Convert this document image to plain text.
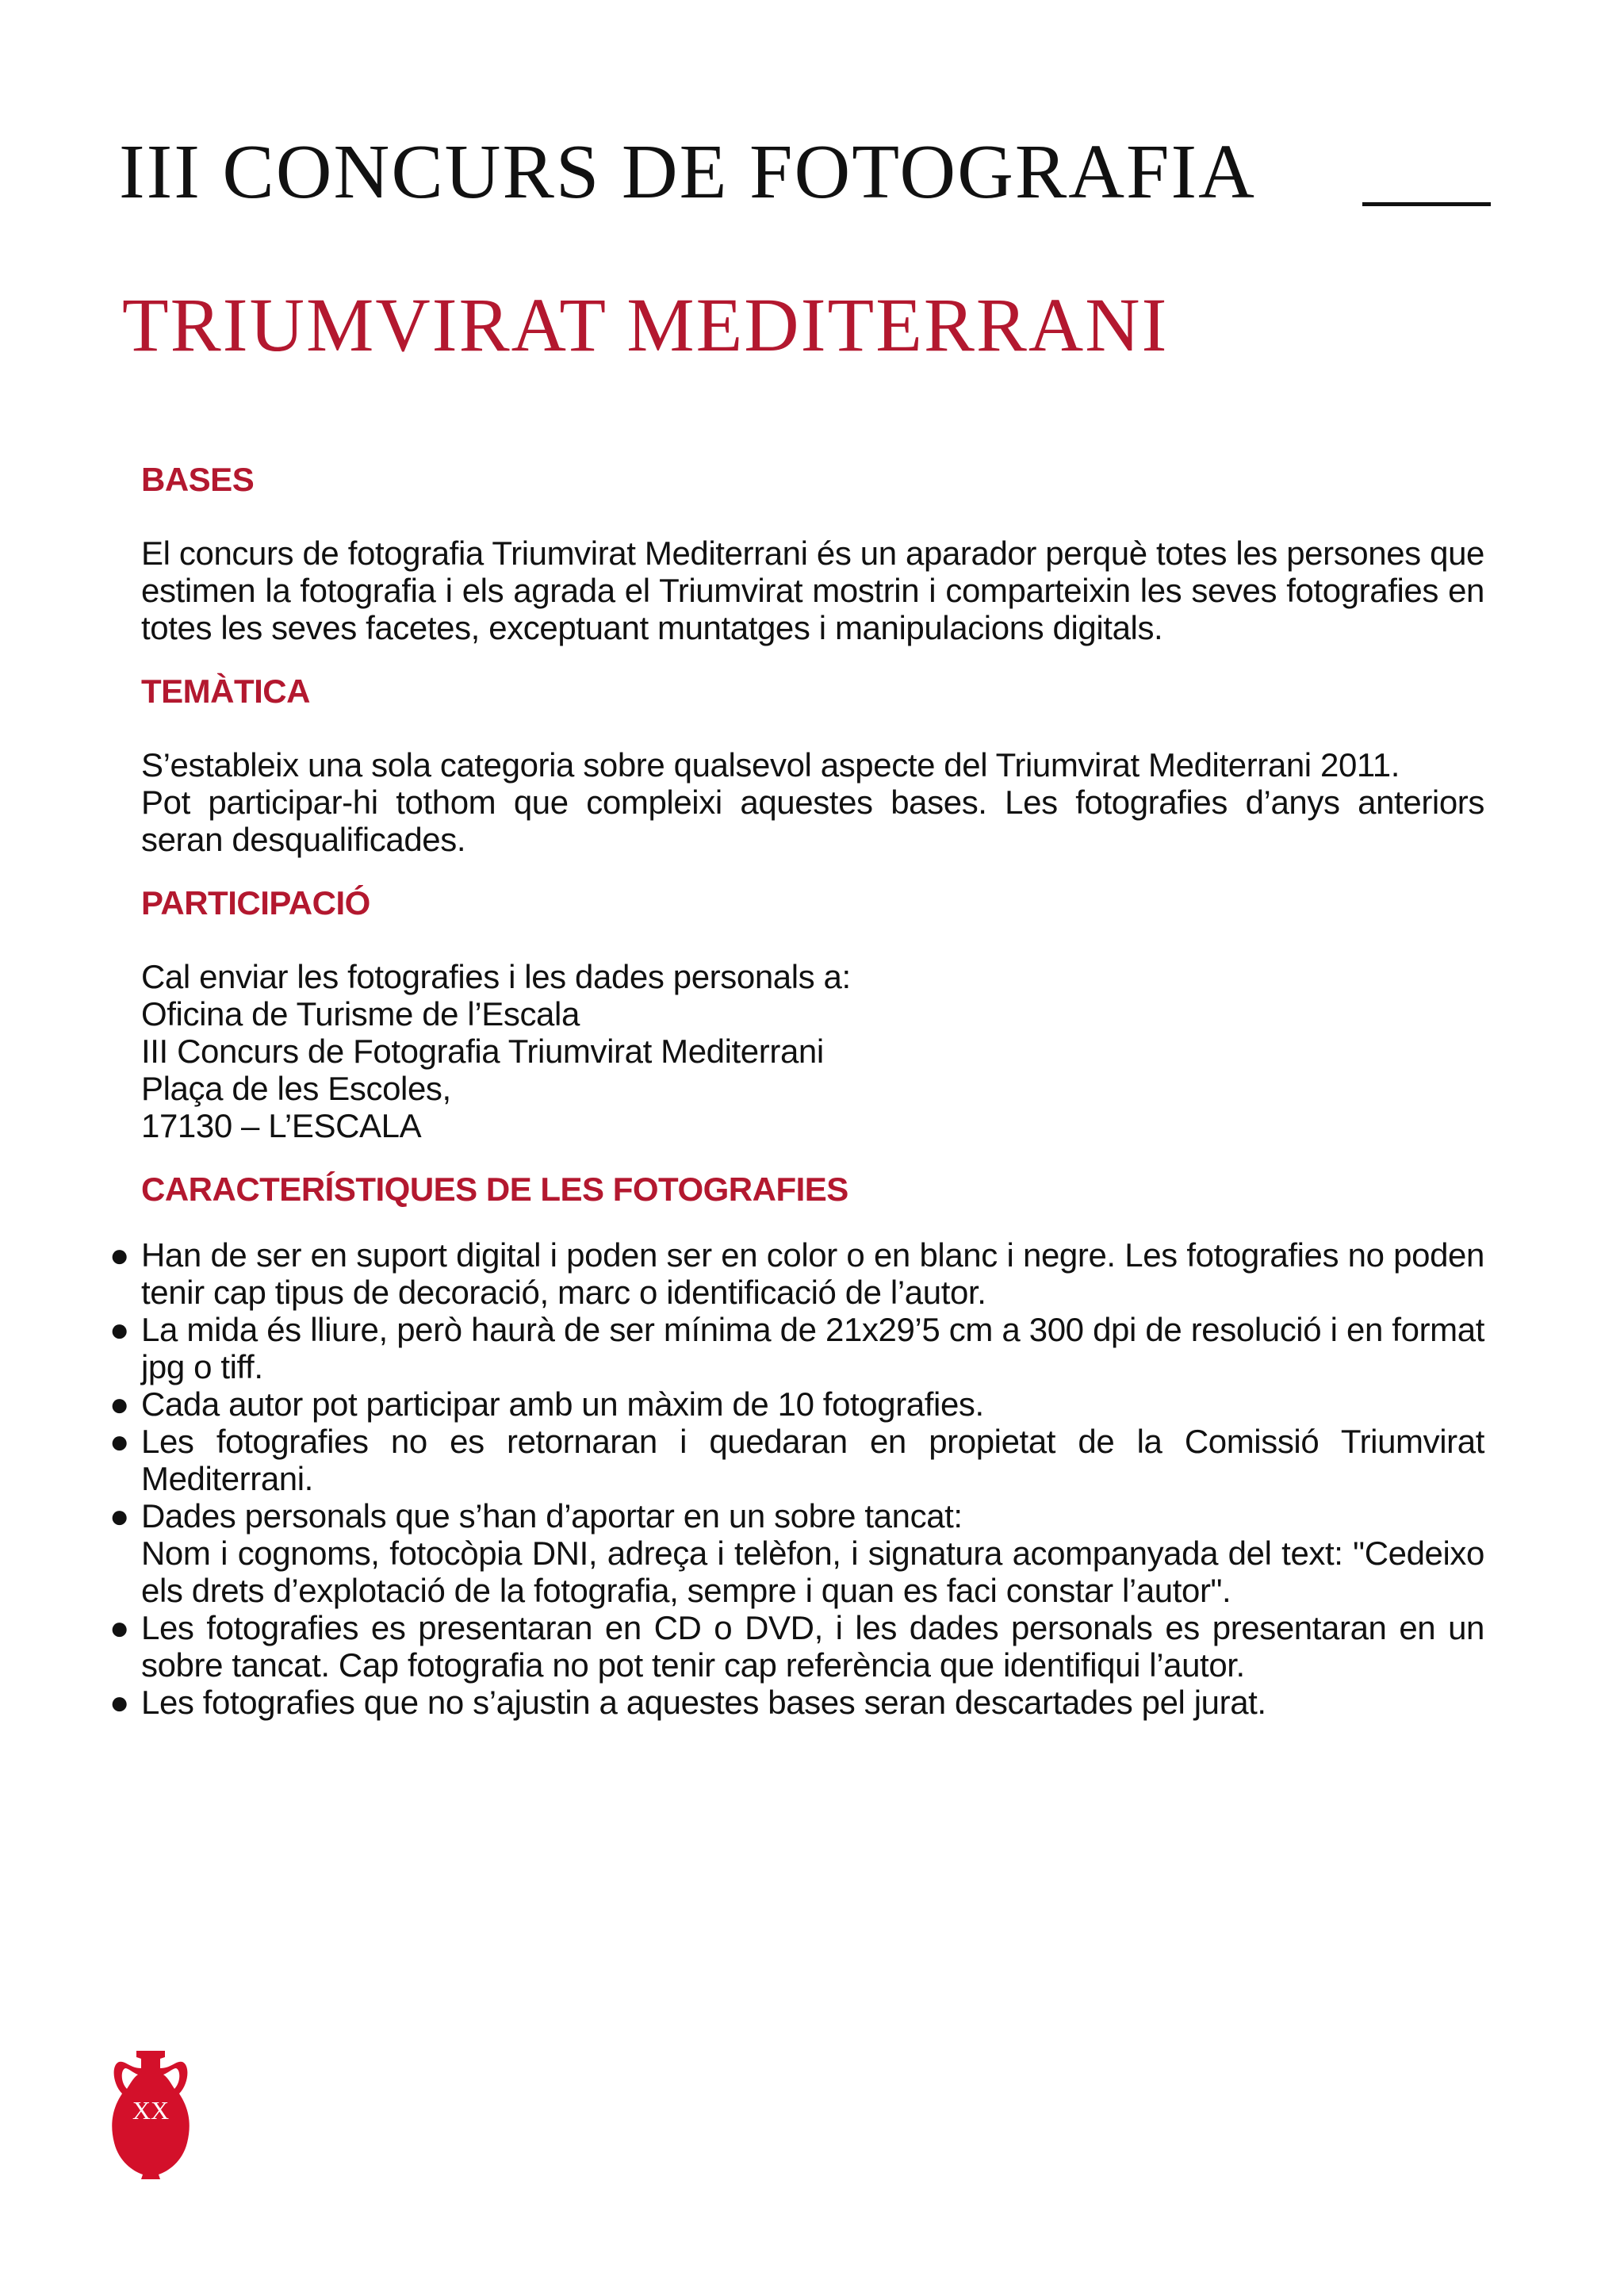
III CONCURS DE FOTOGRAFIA
TRIUMVIRAT MEDITERRANI
BASES

El concurs de fotografia Triumvirat Mediterrani és un aparador perquè totes les persones que estimen la fotografia i els agrada el Triumvirat mostrin i comparteixin les seves fotografies en totes les seves facetes, exceptuant muntatges i manipulacions digitals.

TEMÀTICA

S’estableix una sola categoria sobre qualsevol aspecte del Triumvirat Mediterrani 2011.

Pot participar-hi tothom que compleixi aquestes bases. Les fotografies d’anys anteriors seran desqualificades.

PARTICIPACIÓ
Cal enviar les fotografies i les dades personals a:
Oficina de Turisme de l’Escala
III Concurs de Fotografia Triumvirat Mediterrani
Plaça de les Escoles,
17130 – L’ESCALA
CARACTERÍSTIQUES DE LES FOTOGRAFIES
● Han de ser en suport digital i poden ser en color o en blanc i negre. Les fotografies no poden tenir cap tipus de decoració, marc o identificació de l’autor.
● La mida és lliure, però haurà de ser mínima de 21x29’5 cm a 300 dpi de resolució i en format jpg o tiff.
● Cada autor pot participar amb un màxim de 10 fotografies.
● Les fotografies no es retornaran i quedaran en propietat de la Comissió Triumvirat Mediterrani.
● Dades personals que s’han d’aportar en un sobre tancat:
Nom i cognoms, fotocòpia DNI, adreça i telèfon, i signatura acompanyada del text: "Cedeixo els drets d’explotació de la fotografia, sempre i quan es faci constar l’autor".
● Les fotografies es presentaran en CD o DVD, i les dades personals es presentaran en un sobre tancat. Cap fotografia no pot tenir cap referència que identifiqui l’autor.
● Les fotografies que no s’ajustin a aquestes bases seran descartades pel jurat.
XX
